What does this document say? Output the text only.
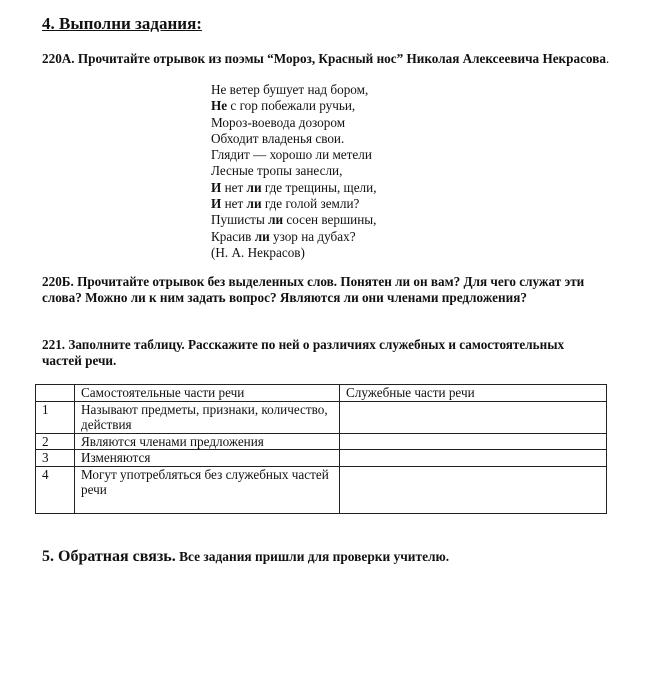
4. Выполни задания:

220А. Прочитайте отрывок из поэмы “Мороз, Красный нос” Николая Алексеевича Некрасова.

Не ветер бушует над бором,
Не с гор побежали ручьи,
Мороз-воевода дозором
Обходит владенья свои.
Глядит — хорошо ли метели
Лесные тропы занесли,
И нет ли где трещины, щели,
И нет ли где голой земли?
Пушисты ли сосен вершины,
Красив ли узор на дубах?
(Н. А. Некрасов)

220Б. Прочитайте отрывок без выделенных слов. Понятен ли он вам? Для чего служат эти слова? Можно ли к ним задать вопрос? Являются ли они членами предложения?

221. Заполните таблицу. Расскажите по ней о различиях служебных и самостоятельных частей речи.

	Самостоятельные части речи	Служебные части речи
1	Называют предметы, признаки, количество, действия	
2	Являются членами предложения	
3	Изменяются	
4	Могут употребляться без служебных частей речи	
5. Обратная связь. Все задания пришли для проверки учителю.
